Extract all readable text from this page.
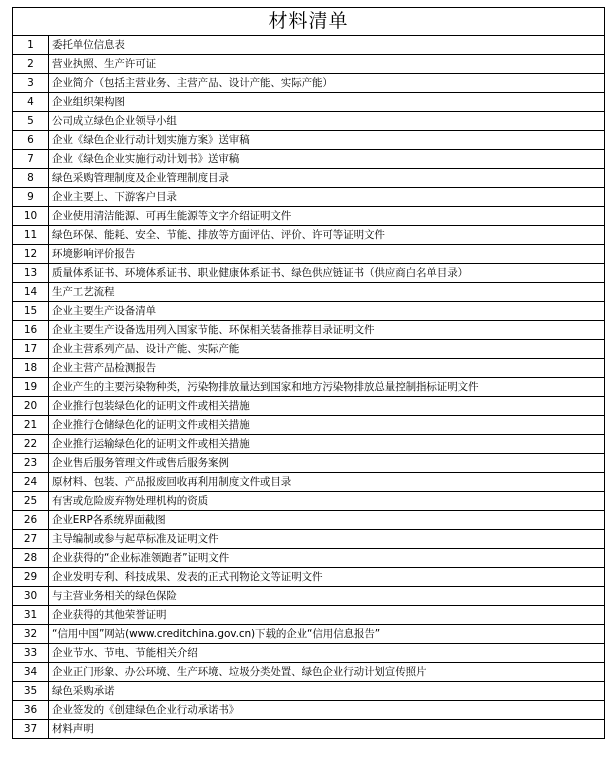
材料清单	
1	委托单位信息表
2	营业执照、生产许可证
3	企业简介（包括主营业务、主营产品、设计产能、实际产能）
4	企业组织架构图
5	公司成立绿色企业领导小组
6	企业《绿色企业行动计划实施方案》送审稿
7	企业《绿色企业实施行动计划书》送审稿
8	绿色采购管理制度及企业管理制度目录
9	企业主要上、下游客户目录
10	企业使用清洁能源、可再生能源等文字介绍证明文件
11	绿色环保、能耗、安全、节能、排放等方面评估、评价、许可等证明文件
12	环境影响评价报告
13	质量体系证书、环境体系证书、职业健康体系证书、绿色供应链证书（供应商白名单目录）
14	生产工艺流程
15	企业主要生产设备清单
16	企业主要生产设备选用列入国家节能、环保相关装备推荐目录证明文件
17	企业主营系列产品、设计产能、实际产能
18	企业主营产品检测报告
19	企业产生的主要污染物种类，污染物排放量达到国家和地方污染物排放总量控制指标证明文件
20	企业推行包装绿色化的证明文件或相关措施
21	企业推行仓储绿色化的证明文件或相关措施
22	企业推行运输绿色化的证明文件或相关措施
23	企业售后服务管理文件或售后服务案例
24	原材料、包装、产品报废回收再利用制度文件或目录
25	有害或危险废弃物处理机构的资质
26	企业ERP各系统界面截图
27	主导编制或参与起草标准及证明文件
28	企业获得的“企业标准领跑者”证明文件
29	企业发明专利、科技成果、发表的正式刊物论文等证明文件
30	与主营业务相关的绿色保险
31	企业获得的其他荣誉证明
32	“信用中国”网站(www.creditchina.gov.cn)下载的企业“信用信息报告”
33	企业节水、节电、节能相关介绍
34	企业正门形象、办公环境、生产环境、垃圾分类处置、绿色企业行动计划宣传照片
35	绿色采购承诺
36	企业签发的《创建绿色企业行动承诺书》
37	材料声明
